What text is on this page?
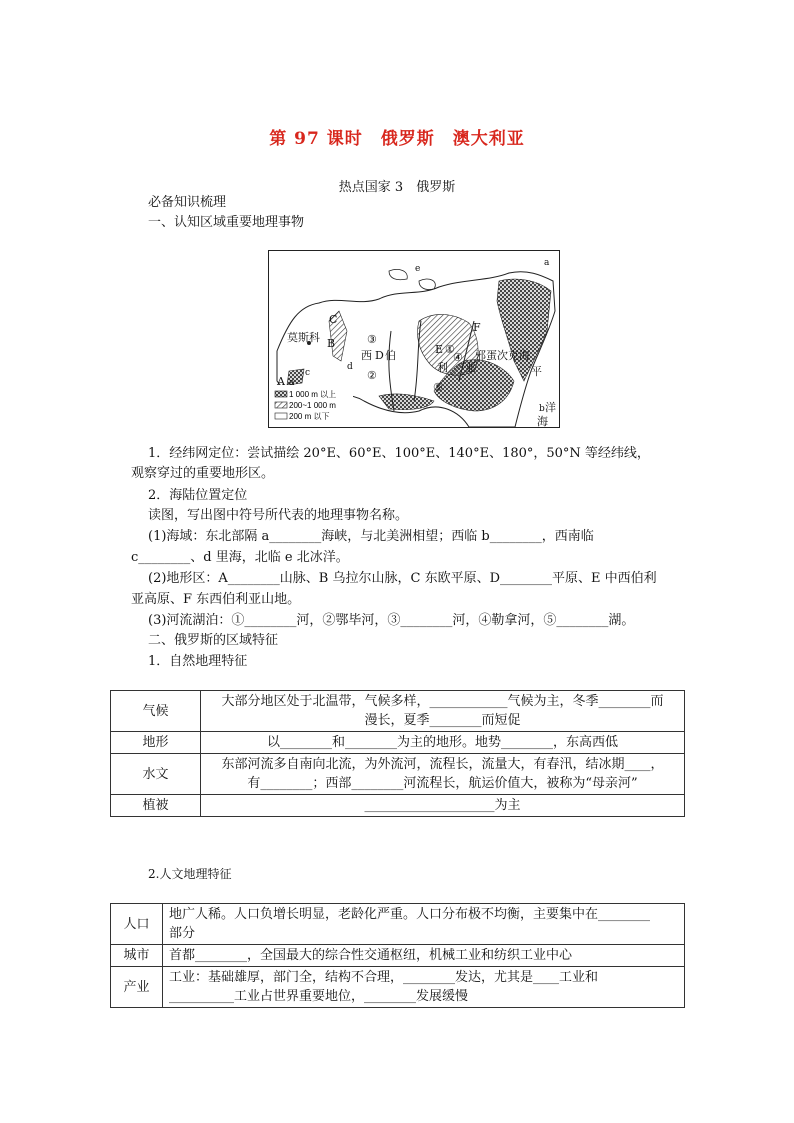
第 97 课时　俄罗斯　澳大利亚
热点国家 3　俄罗斯
必备知识梳理
一、认知区域重要地理事物
1 000 m 以上
200~1 000 m
200 m 以下
e
a
C
莫斯科 B
西
③
D 伯
d
c	②
F
①
E
利 亚
④
⑤
邪蛋次克海
平
b 洋
海
A a
1．经纬网定位：尝试描绘 20°E、60°E、100°E、140°E、180°，50°N 等经纬线，
观察穿过的重要地形区。
2．海陆位置定位
读图，写出图中符号所代表的地理事物名称。
(1)海域：东北部隔 a________海峡，与北美洲相望；西临 b________，西南临
c________、d 里海，北临 e 北冰洋。
(2)地形区：A________山脉、B 乌拉尔山脉，C 东欧平原、D________平原、E 中西伯利
亚高原、F 东西伯利亚山地。
(3)河流湖泊：①________河，②鄂毕河，③________河，④勒拿河，⑤________湖。
二、俄罗斯的区域特征
1．自然地理特征
气候	大部分地区处于北温带，气候多样，____________气候为主，冬季________而
漫长，夏季________而短促

地形	以________和________为主的地形。地势________，东高西低

水文	东部河流多自南向北流，为外流河，流程长，流量大，有春汛，结冰期____，
有________；西部________河流程长，航运价值大，被称为“母亲河”

植被	____________________为主
2.人文地理特征
人口	地广人稀。人口负增长明显，老龄化严重。人口分布极不均衡，主要集中在________
部分

城市	首都________，全国最大的综合性交通枢纽，机械工业和纺织工业中心

产业	工业：基础雄厚，部门全，结构不合理，________发达，尤其是____工业和
__________工业占世界重要地位，________发展缓慢
